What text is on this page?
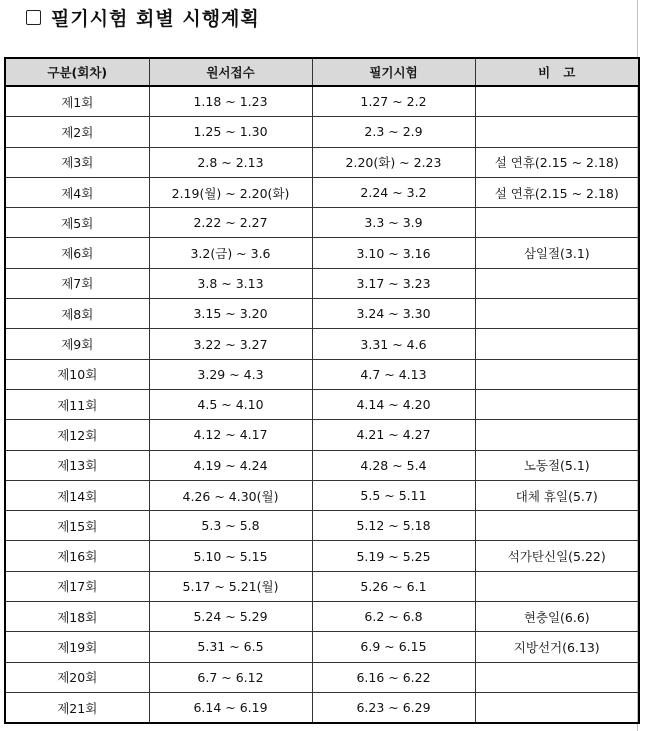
필기시험 회별 시행계획
구분(회차)	원서접수	필기시험	비   고
제1회	1.18 ~ 1.23	1.27 ~ 2.2	
제2회	1.25 ~ 1.30	2.3 ~ 2.9	
제3회	2.8 ~ 2.13	2.20(화) ~ 2.23	설 연휴(2.15 ~ 2.18)
제4회	2.19(월) ~ 2.20(화)	2.24 ~ 3.2	설 연휴(2.15 ~ 2.18)
제5회	2.22 ~ 2.27	3.3 ~ 3.9	
제6회	3.2(금) ~ 3.6	3.10 ~ 3.16	삼일절(3.1)
제7회	3.8 ~ 3.13	3.17 ~ 3.23	
제8회	3.15 ~ 3.20	3.24 ~ 3.30	
제9회	3.22 ~ 3.27	3.31 ~ 4.6	
제10회	3.29 ~ 4.3	4.7 ~ 4.13	
제11회	4.5 ~ 4.10	4.14 ~ 4.20	
제12회	4.12 ~ 4.17	4.21 ~ 4.27	
제13회	4.19 ~ 4.24	4.28 ~ 5.4	노동절(5.1)
제14회	4.26 ~ 4.30(월)	5.5 ~ 5.11	대체 휴일(5.7)
제15회	5.3 ~ 5.8	5.12 ~ 5.18	
제16회	5.10 ~ 5.15	5.19 ~ 5.25	석가탄신일(5.22)
제17회	5.17 ~ 5.21(월)	5.26 ~ 6.1	
제18회	5.24 ~ 5.29	6.2 ~ 6.8	현충일(6.6)
제19회	5.31 ~ 6.5	6.9 ~ 6.15	지방선거(6.13)
제20회	6.7 ~ 6.12	6.16 ~ 6.22	
제21회	6.14 ~ 6.19	6.23 ~ 6.29	
